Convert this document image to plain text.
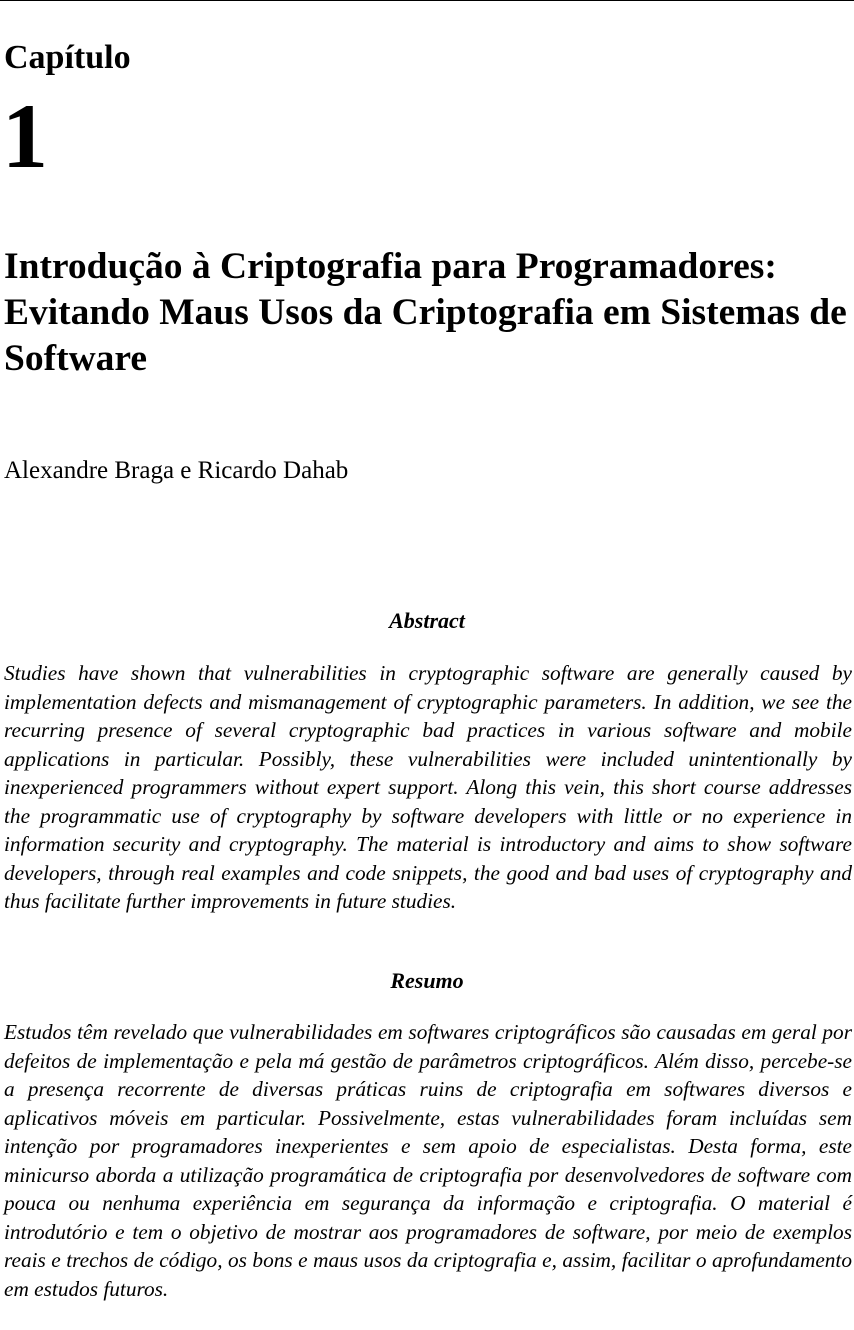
Capítulo
1
Introdução à Criptografia para Programadores: Evitando Maus Usos da Criptografia em Sistemas de Software

Alexandre Braga e Ricardo Dahab

Abstract

Studies have shown that vulnerabilities in cryptographic software are generally caused by implementation defects and mismanagement of cryptographic parameters. In addition, we see the recurring presence of several cryptographic bad practices in various software and mobile applications in particular. Possibly, these vulnerabilities were included unintentionally by inexperienced programmers without expert support. Along this vein, this short course addresses the programmatic use of cryptography by software developers with little or no experience in information security and cryptography. The material is introductory and aims to show software developers, through real examples and code snippets, the good and bad uses of cryptography and thus facilitate further improvements in future studies.

Resumo

Estudos têm revelado que vulnerabilidades em softwares criptográficos são causadas em geral por defeitos de implementação e pela má gestão de parâmetros criptográficos. Além disso, percebe-se a presença recorrente de diversas práticas ruins de criptografia em softwares diversos e aplicativos móveis em particular. Possivelmente, estas vulnerabilidades foram incluídas sem intenção por programadores inexperientes e sem apoio de especialistas. Desta forma, este minicurso aborda a utilização programática de criptografia por desenvolvedores de software com pouca ou nenhuma experiência em segurança da informação e criptografia. O material é introdutório e tem o objetivo de mostrar aos programadores de software, por meio de exemplos reais e trechos de código, os bons e maus usos da criptografia e, assim, facilitar o aprofundamento em estudos futuros.
